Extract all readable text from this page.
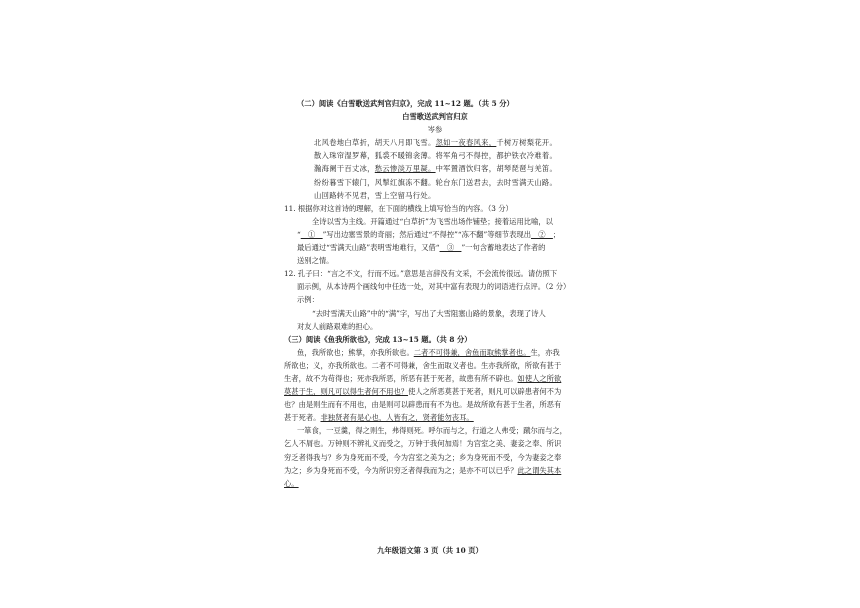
（二）阅读《白雪歌送武判官归京》，完成 11~12 题。（共 5 分）
白雪歌送武判官归京
岑参
北风卷地白草折，胡天八月即飞雪。忽如一夜春风来，千树万树梨花开。
散入珠帘湿罗幕，狐裘不暖锦衾薄。将军角弓不得控，都护铁衣冷难着。
瀚海阑干百丈冰，愁云惨淡万里凝。中军置酒饮归客，胡琴琵琶与羌笛。
纷纷暮雪下辕门，风掣红旗冻不翻。轮台东门送君去，去时雪满天山路。
山回路转不见君，雪上空留马行处。
11. 根据你对这首诗的理解，在下面的横线上填写恰当的内容。（3 分）
全诗以雪为主线。开篇通过“白草折”为飞雪出场作铺垫；接着运用比喻，以
“　①　”写出边塞雪景的奇丽；然后通过“不得控”“冻不翻”等细节表现出　②　；
最后通过“雪满天山路”表明雪地难行，又借“　③　”一句含蓄地表达了作者的
送别之情。
12. 孔子曰：“言之不文，行而不远。”意思是言辞没有文采，不会流传很远。请仿照下
面示例，从本诗两个画线句中任选一处，对其中富有表现力的词语进行点评。（2 分）
示例：
“去时雪满天山路”中的“满”字，写出了大雪阻塞山路的景象，表现了诗人
对友人前路艰难的担心。
（三）阅读《鱼我所欲也》，完成 13~15 题。（共 8 分）
鱼，我所欲也；熊掌，亦我所欲也。二者不可得兼，舍鱼而取熊掌者也。生，亦我
所欲也；义，亦我所欲也。二者不可得兼，舍生而取义者也。生亦我所欲，所欲有甚于
生者，故不为苟得也；死亦我所恶，所恶有甚于死者，故患有所不辟也。如使人之所欲
莫甚于生，则凡可以得生者何不用也？使人之所恶莫甚于死者，则凡可以辟患者何不为
也？由是则生而有不用也，由是则可以辟患而有不为也。是故所欲有甚于生者，所恶有
甚于死者。非独贤者有是心也，人皆有之，贤者能勿丧耳。
一箪食，一豆羹，得之则生，弗得则死。呼尔而与之，行道之人弗受；蹴尔而与之，
乞人不屑也。万钟则不辨礼义而受之，万钟于我何加焉！为宫室之美、妻妾之奉、所识
穷乏者得我与？乡为身死而不受，今为宫室之美为之；乡为身死而不受，今为妻妾之奉
为之；乡为身死而不受，今为所识穷乏者得我而为之；是亦不可以已乎？此之谓失其本
心。
九年级语文第 3 页（共 10 页）
